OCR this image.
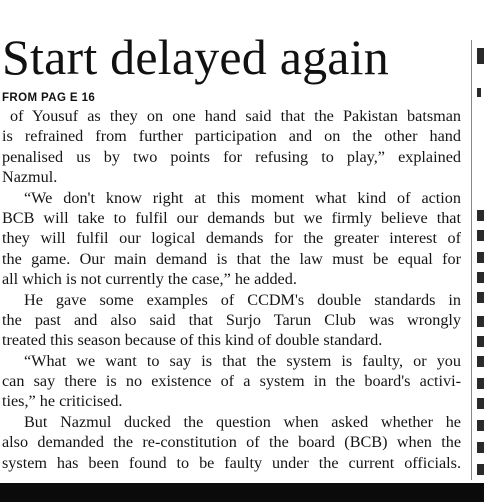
Start delayed again
FROM PAG E 16
of Yousuf as they on one hand said that the Pakistan batsman
is refrained from further participation and on the other hand
penalised us by two points for refusing to play,” explained
Nazmul.
“We don't know right at this moment what kind of action
BCB will take to fulfil our demands but we firmly believe that
they will fulfil our logical demands for the greater interest of
the game. Our main demand is that the law must be equal for
all which is not currently the case,” he added.
He gave some examples of CCDM's double standards in
the past and also said that Surjo Tarun Club was wrongly
treated this season because of this kind of double standard.
“What we want to say is that the system is faulty, or you
can say there is no existence of a system in the board's activi-
ties,” he criticised.
But Nazmul ducked the question when asked whether he
also demanded the re-constitution of the board (BCB) when the
system has been found to be faulty under the current officials.
